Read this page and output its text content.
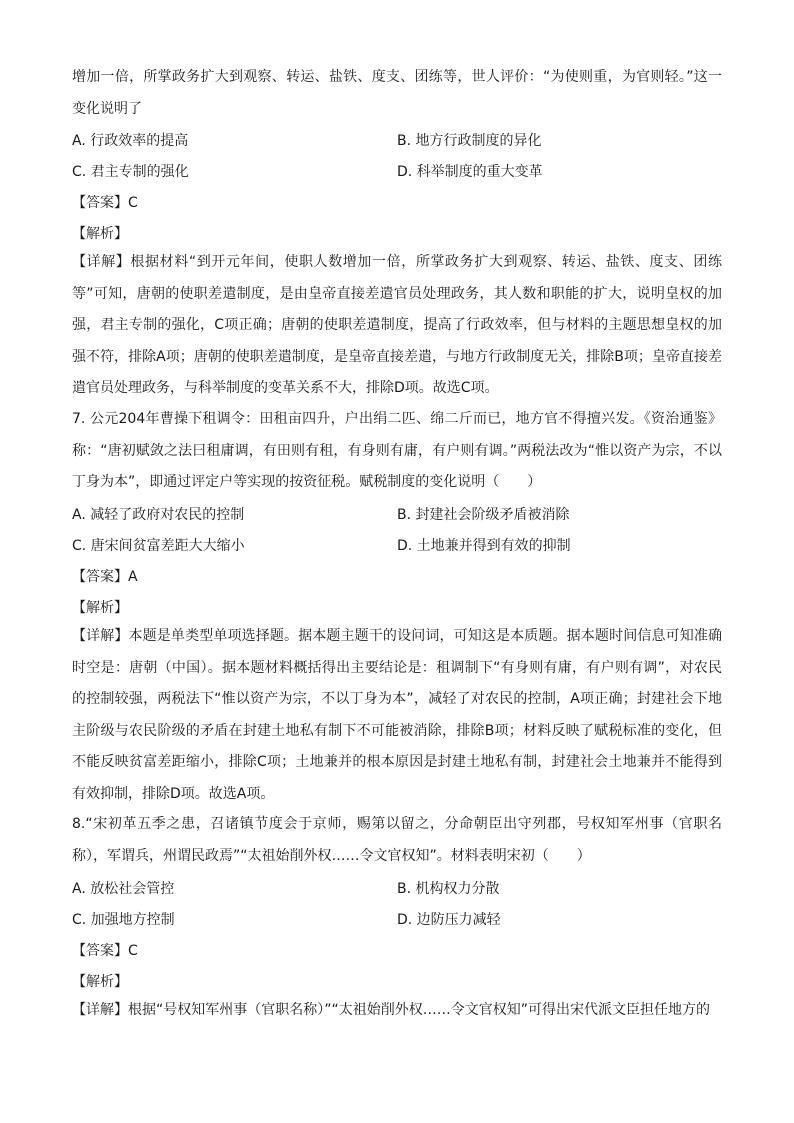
增加一倍，所掌政务扩大到观察、转运、盐铁、度支、团练等，世人评价：“为使则重，为官则轻。”这一变化说明了
A. 行政效率的提高	B. 地方行政制度的异化
C. 君主专制的强化	D. 科举制度的重大变革
【答案】C
【解析】
【详解】根据材料“到开元年间，使职人数增加一倍，所掌政务扩大到观察、转运、盐铁、度支、团练等”可知，唐朝的使职差遣制度，是由皇帝直接差遣官员处理政务，其人数和职能的扩大，说明皇权的加强，君主专制的强化，C项正确；唐朝的使职差遣制度，提高了行政效率，但与材料的主题思想皇权的加强不符，排除A项；唐朝的使职差遣制度，是皇帝直接差遣，与地方行政制度无关，排除B项；皇帝直接差遣官员处理政务，与科举制度的变革关系不大，排除D项。故选C项。
7. 公元204年曹操下租调令：田租亩四升，户出绢二匹、绵二斤而已，地方官不得擅兴发。《资治通鉴》称：“唐初赋敛之法曰租庸调，有田则有租，有身则有庸，有户则有调。”两税法改为“惟以资产为宗，不以丁身为本”，即通过评定户等实现的按资征税。赋税制度的变化说明（　　）
A. 减轻了政府对农民的控制	B. 封建社会阶级矛盾被消除
C. 唐宋间贫富差距大大缩小	D. 土地兼并得到有效的抑制
【答案】A
【解析】
【详解】本题是单类型单项选择题。据本题主题干的设问词，可知这是本质题。据本题时间信息可知准确时空是：唐朝（中国）。据本题材料概括得出主要结论是：租调制下“有身则有庸，有户则有调”，对农民的控制较强，两税法下“惟以资产为宗，不以丁身为本”，减轻了对农民的控制，A项正确；封建社会下地主阶级与农民阶级的矛盾在封建土地私有制下不可能被消除，排除B项；材料反映了赋税标准的变化，但不能反映贫富差距缩小，排除C项；土地兼并的根本原因是封建土地私有制，封建社会土地兼并不能得到有效抑制，排除D项。故选A项。
8.“宋初革五季之患，召诸镇节度会于京师，赐第以留之，分命朝臣出守列郡，号权知军州事（官职名称），军谓兵，州谓民政焉”“太祖始削外权……令文官权知”。材料表明宋初（　　）
A. 放松社会管控	B. 机构权力分散
C. 加强地方控制	D. 边防压力减轻
【答案】C
【解析】
【详解】根据“号权知军州事（官职名称）”“太祖始削外权……令文官权知”可得出宋代派文臣担任地方的
